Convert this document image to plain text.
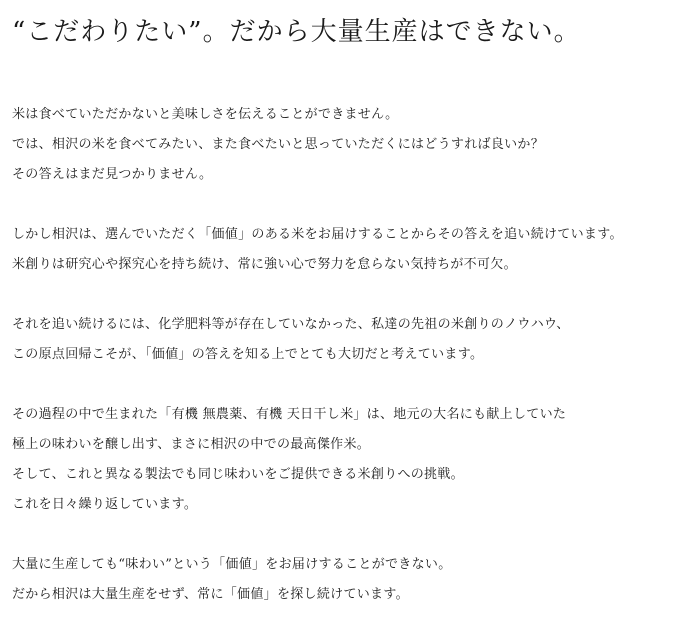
“こだわりたい”。だから大量生産はできない。
米は食べていただかないと美味しさを伝えることができません。
では、相沢の米を食べてみたい、また食べたいと思っていただくにはどうすれば良いか？
その答えはまだ見つかりません。
しかし相沢は、選んでいただく「価値」のある米をお届けすることからその答えを追い続けています。
米創りは研究心や探究心を持ち続け、常に強い心で努力を怠らない気持ちが不可欠。
それを追い続けるには、化学肥料等が存在していなかった、私達の先祖の米創りのノウハウ、
この原点回帰こそが、「価値」の答えを知る上でとても大切だと考えています。
その過程の中で生まれた「有機 無農薬、有機 天日干し米」は、地元の大名にも献上していた
極上の味わいを醸し出す、まさに相沢の中での最高傑作米。
そして、これと異なる製法でも同じ味わいをご提供できる米創りへの挑戦。
これを日々繰り返しています。
大量に生産しても“味わい”という「価値」をお届けすることができない。
だから相沢は大量生産をせず、常に「価値」を探し続けています。
